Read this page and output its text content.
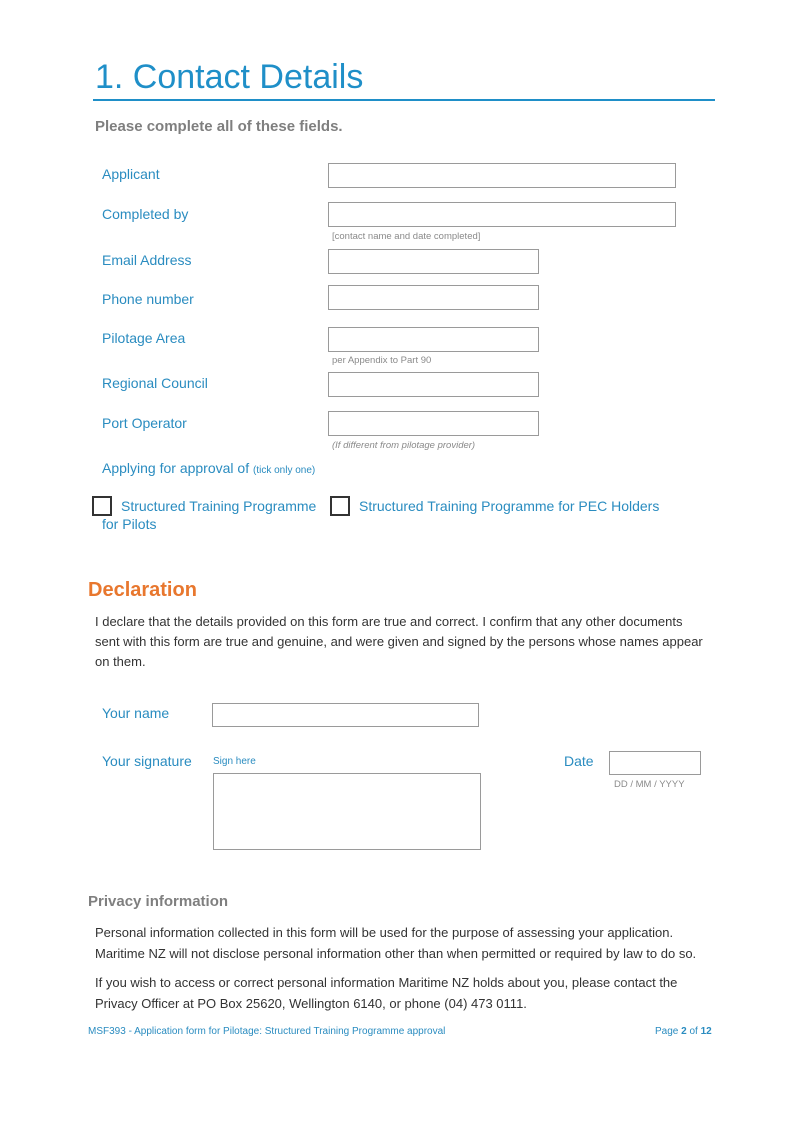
1. Contact Details
Please complete all of these fields.
Applicant
Completed by
[contact name and date completed]
Email Address
Phone number
Pilotage Area
per Appendix to Part 90
Regional Council
Port Operator
(If different from pilotage provider)
Applying for approval of (tick only one)
Structured Training Programme
for Pilots
Structured Training Programme for PEC Holders
Declaration
I declare that the details provided on this form are true and correct. I confirm that any other documents
sent with this form are true and genuine, and were given and signed by the persons whose names appear
on them.
Your name
Your signature Sign here	Date
DD / MM / YYYY
Privacy information
Personal information collected in this form will be used for the purpose of assessing your application.
Maritime NZ will not disclose personal information other than when permitted or required by law to do so.
If you wish to access or correct personal information Maritime NZ holds about you, please contact the
Privacy Officer at PO Box 25620, Wellington 6140, or phone (04) 473 0111.
MSF393 - Application form for Pilotage: Structured Training Programme approval	Page 2 of 12
